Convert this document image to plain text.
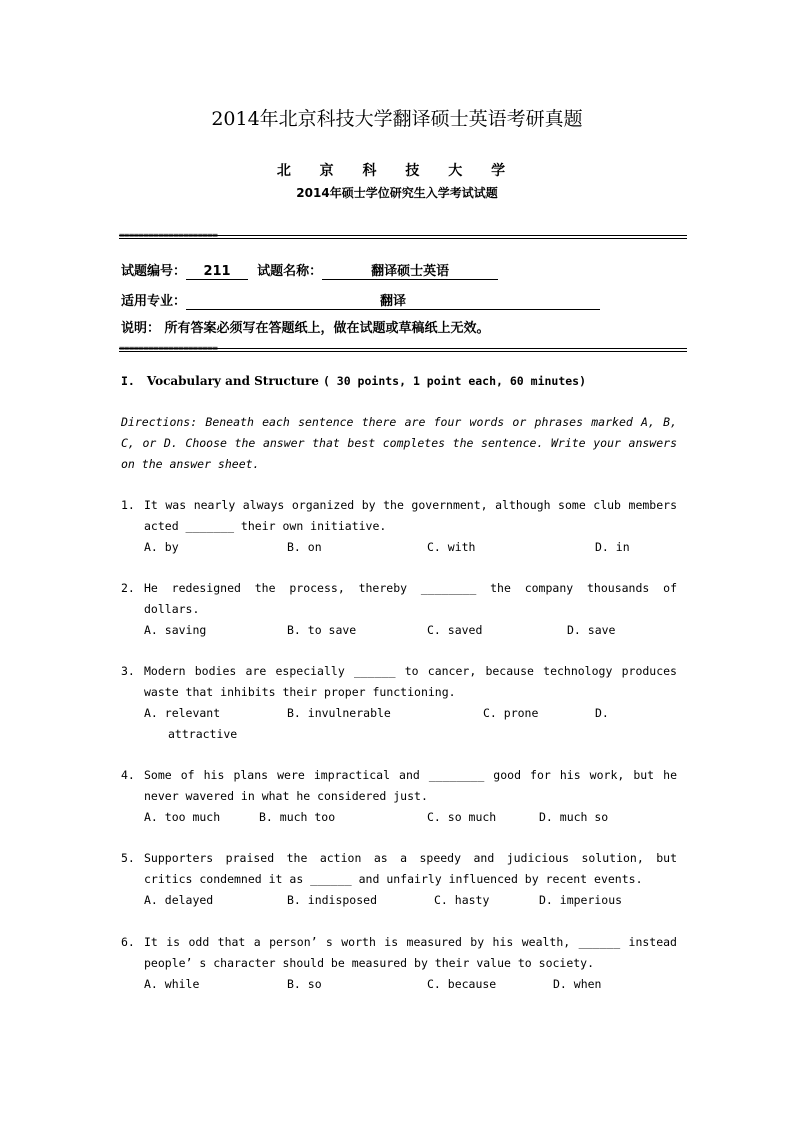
2014年北京科技大学翻译硕士英语考研真题
北 京 科 技 大 学
2014年硕士学位研究生入学考试试题
====================
试题编号： 211 试题名称：	翻译硕士英语
适用专业：	翻译
说明： 所有答案必须写在答题纸上，做在试题或草稿纸上无效。
====================
I. Vocabulary and Structure ( 30 points, 1 point each, 60 minutes)
Directions: Beneath each sentence there are four words or phrases marked A, B, C, or D. Choose the answer that best completes the sentence. Write your answers on the answer sheet.
1. It was nearly always organized by the government, although some club members acted _______ their own initiative.
A. by	B. on	C. with	D. in
2. He redesigned the process, thereby ________ the company thousands of dollars.
A. saving	B. to save	C. saved	D. save
3. Modern bodies are especially ______ to cancer, because technology produces waste that inhibits their proper functioning.
A. relevant	B. invulnerable	C. prone	D.
attractive
4. Some of his plans were impractical and ________ good for his work, but he never wavered in what he considered just.
A. too much	B. much too	C. so much	D. much so
5. Supporters praised the action as a speedy and judicious solution, but critics condemned it as ______ and unfairly influenced by recent events.
A. delayed	B. indisposed	C. hasty	D. imperious
6. It is odd that a person’ s worth is measured by his wealth, ______ instead people’ s character should be measured by their value to society.
A. while	B. so	C. because	D. when
